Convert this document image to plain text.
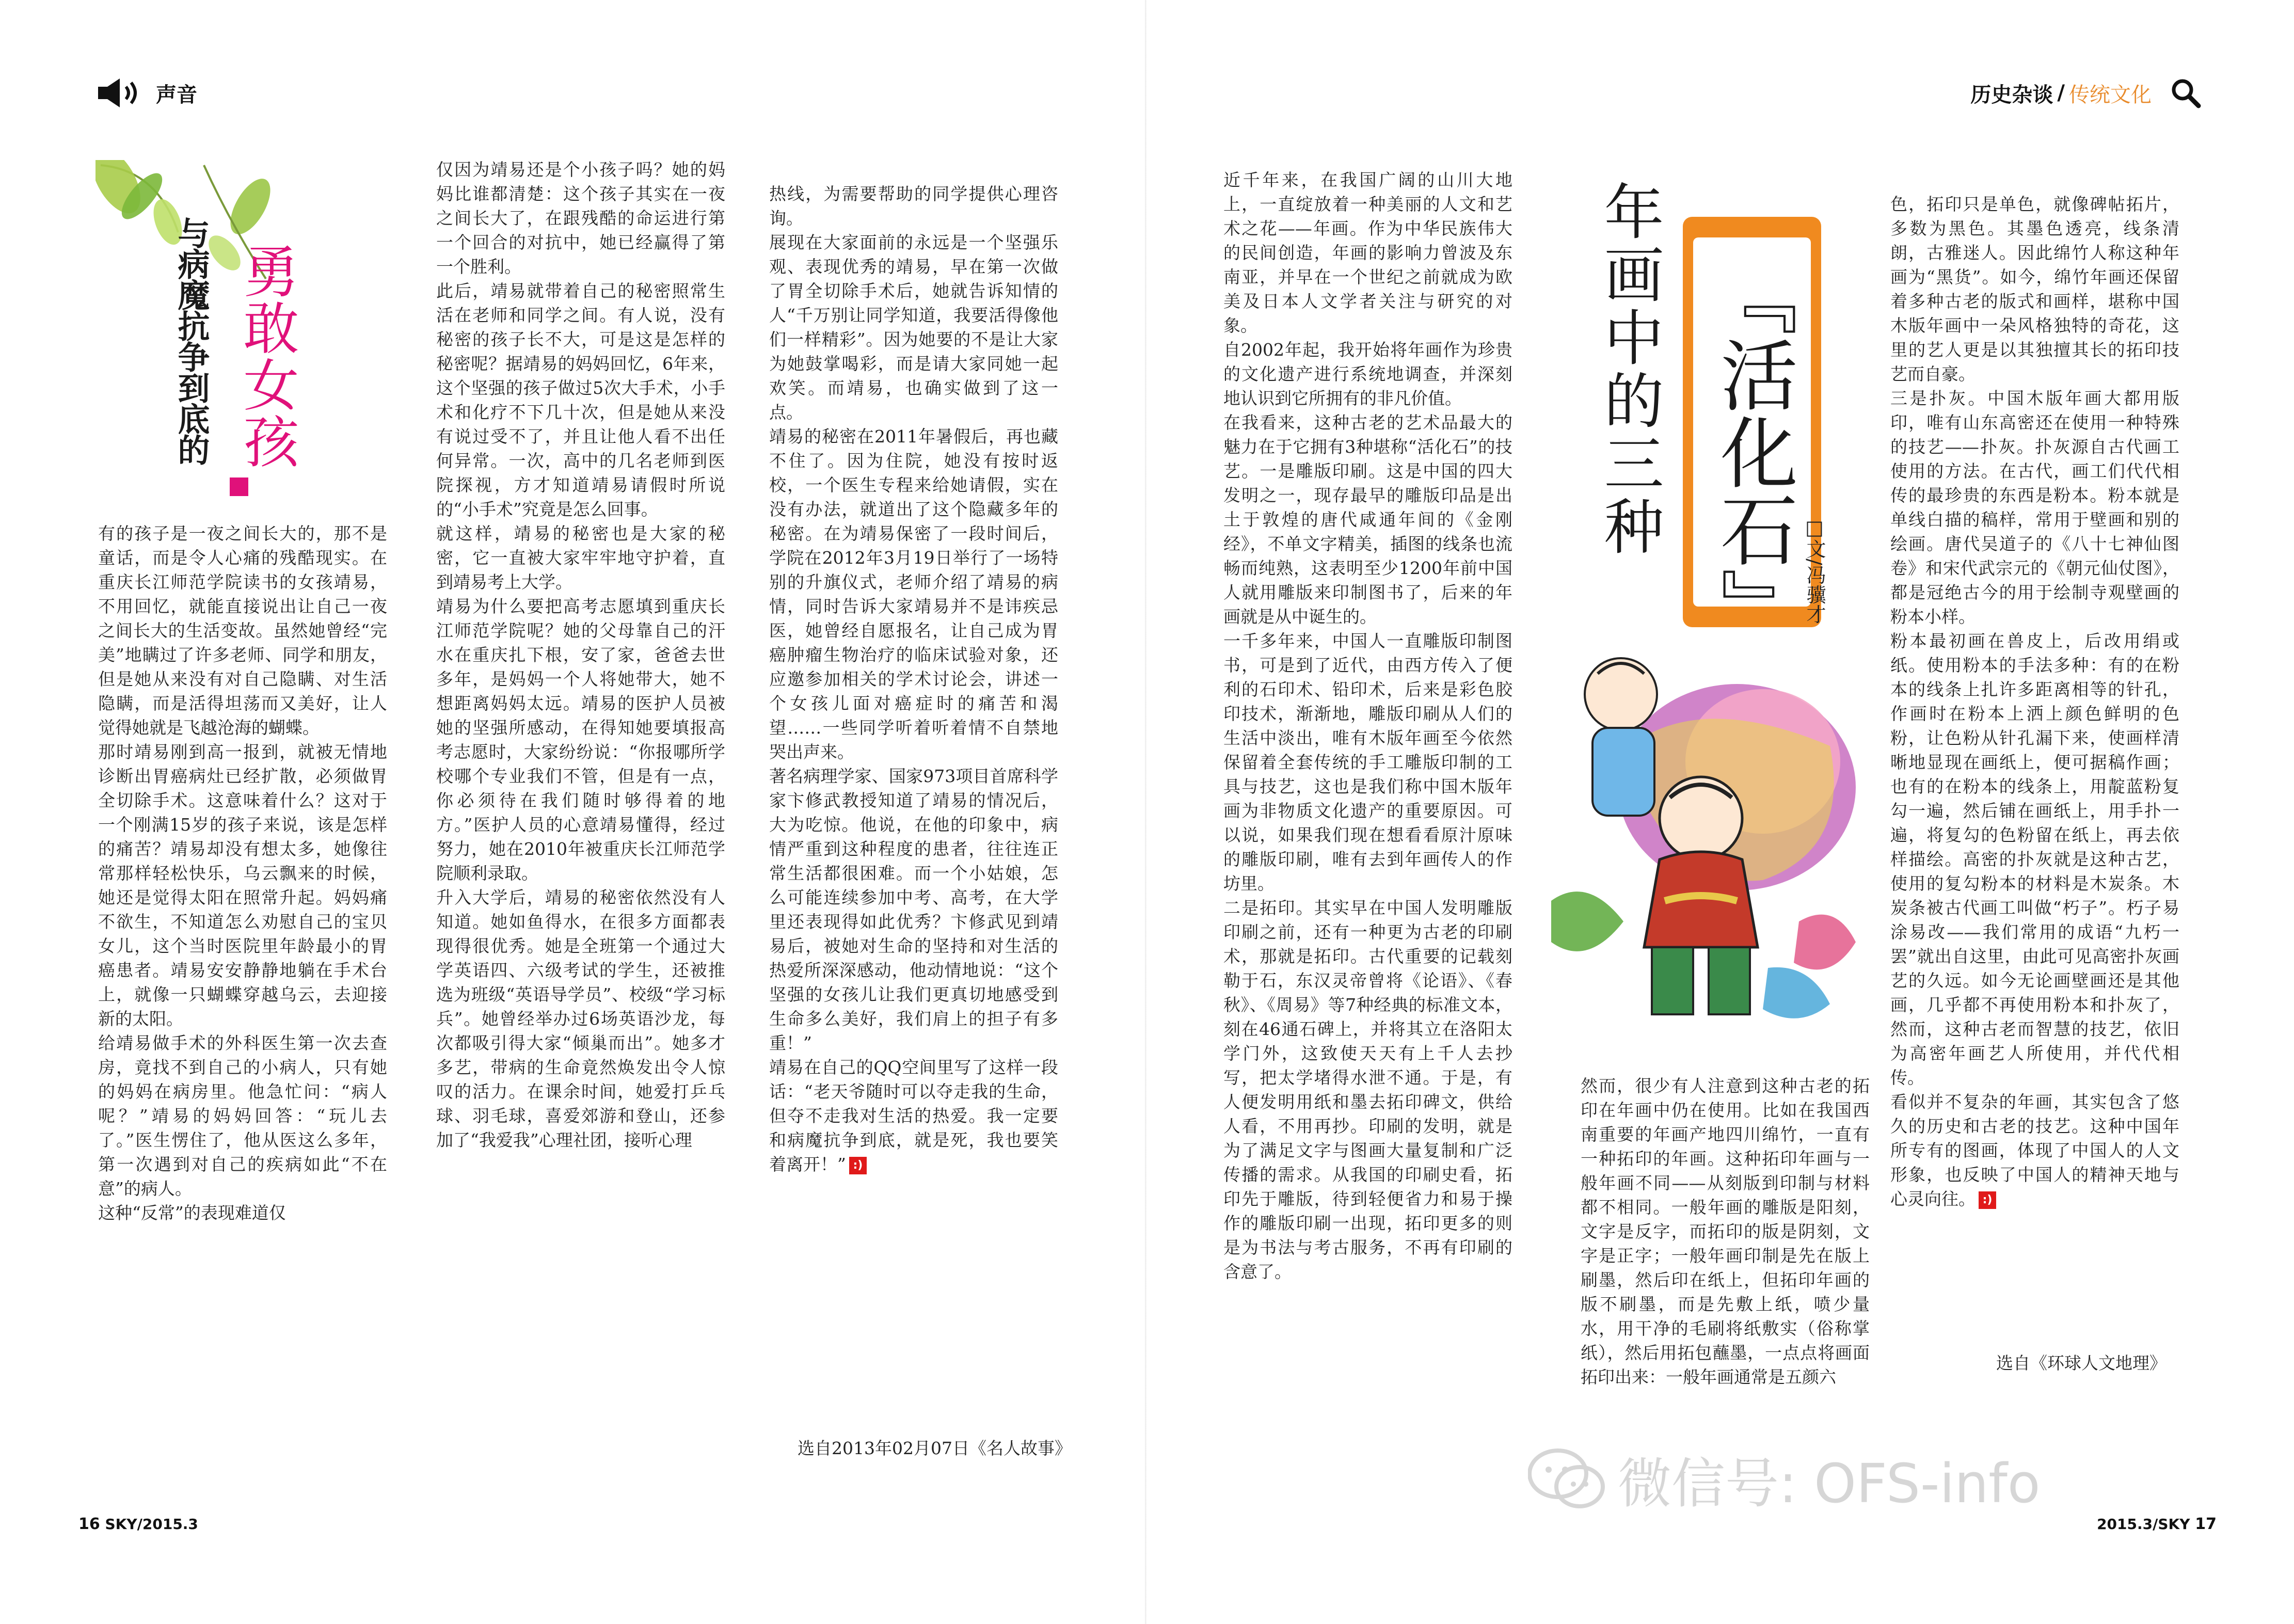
声音
与病魔抗争到底的 勇敢女孩
有的孩子是一夜之间长大的，那不是童话，而是令人心痛的残酷现实。在重庆长江师范学院读书的女孩靖易，不用回忆，就能直接说出让自己一夜之间长大的生活变故。虽然她曾经“完美”地瞒过了许多老师、同学和朋友，但是她从来没有对自己隐瞒、对生活隐瞒，而是活得坦荡而又美好，让人觉得她就是飞越沧海的蝴蝶。
那时靖易刚到高一报到，就被无情地诊断出胃癌病灶已经扩散，必须做胃全切除手术。这意味着什么？这对于一个刚满15岁的孩子来说，该是怎样的痛苦？靖易却没有想太多，她像往常那样轻松快乐，乌云飘来的时候，她还是觉得太阳在照常升起。妈妈痛不欲生，不知道怎么劝慰自己的宝贝女儿，这个当时医院里年龄最小的胃癌患者。靖易安安静静地躺在手术台上，就像一只蝴蝶穿越乌云，去迎接新的太阳。
给靖易做手术的外科医生第一次去查房，竟找不到自己的小病人，只有她的妈妈在病房里。他急忙问：“病人呢？”靖易的妈妈回答：“玩儿去了。”医生愣住了，他从医这么多年，第一次遇到对自己的疾病如此“不在意”的病人。
这种“反常”的表现难道仅
仅因为靖易还是个小孩子吗？她的妈妈比谁都清楚：这个孩子其实在一夜之间长大了，在跟残酷的命运进行第一个回合的对抗中，她已经赢得了第一个胜利。
此后，靖易就带着自己的秘密照常生活在老师和同学之间。有人说，没有秘密的孩子长不大，可是这是怎样的秘密呢？据靖易的妈妈回忆，6年来，这个坚强的孩子做过5次大手术，小手术和化疗不下几十次，但是她从来没有说过受不了，并且让他人看不出任何异常。一次，高中的几名老师到医院探视，方才知道靖易请假时所说的“小手术”究竟是怎么回事。
就这样，靖易的秘密也是大家的秘密，它一直被大家牢牢地守护着，直到靖易考上大学。
靖易为什么要把高考志愿填到重庆长江师范学院呢？她的父母靠自己的汗水在重庆扎下根，安了家，爸爸去世多年，是妈妈一个人将她带大，她不想距离妈妈太远。靖易的医护人员被她的坚强所感动，在得知她要填报高考志愿时，大家纷纷说：“你报哪所学校哪个专业我们不管，但是有一点，你必须待在我们随时够得着的地方。”医护人员的心意靖易懂得，经过努力，她在2010年被重庆长江师范学院顺利录取。
升入大学后，靖易的秘密依然没有人知道。她如鱼得水，在很多方面都表现得很优秀。她是全班第一个通过大学英语四、六级考试的学生，还被推选为班级“英语导学员”、校级“学习标兵”。她曾经举办过6场英语沙龙，每次都吸引得大家“倾巢而出”。她多才多艺，带病的生命竟然焕发出令人惊叹的活力。在课余时间，她爱打乒乓球、羽毛球，喜爱郊游和登山，还参加了“我爱我”心理社团，接听心理

热线，为需要帮助的同学提供心理咨询。
展现在大家面前的永远是一个坚强乐观、表现优秀的靖易，早在第一次做了胃全切除手术后，她就告诉知情的人“千万别让同学知道，我要活得像他们一样精彩”。因为她要的不是让大家为她鼓掌喝彩，而是请大家同她一起欢笑。而靖易，也确实做到了这一点。
靖易的秘密在2011年暑假后，再也藏不住了。因为住院，她没有按时返校，一个医生专程来给她请假，实在没有办法，就道出了这个隐藏多年的秘密。在为靖易保密了一段时间后，学院在2012年3月19日举行了一场特别的升旗仪式，老师介绍了靖易的病情，同时告诉大家靖易并不是讳疾忌医，她曾经自愿报名，让自己成为胃癌肿瘤生物治疗的临床试验对象，还应邀参加相关的学术讨论会，讲述一个女孩儿面对癌症时的痛苦和渴望……一些同学听着听着情不自禁地哭出声来。
著名病理学家、国家973项目首席科学家卞修武教授知道了靖易的情况后，大为吃惊。他说，在他的印象中，病情严重到这种程度的患者，往往连正常生活都很困难。而一个小姑娘，怎么可能连续参加中考、高考，在大学里还表现得如此优秀？卞修武见到靖易后，被她对生命的坚持和对生活的热爱所深深感动，他动情地说：“这个坚强的女孩儿让我们更真切地感受到生命多么美好，我们肩上的担子有多重！”
靖易在自己的QQ空间里写了这样一段话：“老天爷随时可以夺走我的生命，但夺不走我对生活的热爱。我一定要和病魔抗争到底，就是死，我也要笑着离开！” :)

选自2013年02月07日《名人故事》
16 SKY/2015.3
历史杂谈 / 传统文化
近千年来，在我国广阔的山川大地上，一直绽放着一种美丽的人文和艺术之花——年画。作为中华民族伟大的民间创造，年画的影响力曾波及东南亚，并早在一个世纪之前就成为欧美及日本人文学者关注与研究的对象。
自2002年起，我开始将年画作为珍贵的文化遗产进行系统地调查，并深刻地认识到它所拥有的非凡价值。
在我看来，这种古老的艺术品最大的魅力在于它拥有3种堪称“活化石”的技艺。一是雕版印刷。这是中国的四大发明之一，现存最早的雕版印品是出土于敦煌的唐代咸通年间的《金刚经》，不单文字精美，插图的线条也流畅而纯熟，这表明至少1200年前中国人就用雕版来印制图书了，后来的年画就是从中诞生的。
一千多年来，中国人一直雕版印制图书，可是到了近代，由西方传入了便利的石印术、铅印术，后来是彩色胶印技术，渐渐地，雕版印刷从人们的生活中淡出，唯有木版年画至今依然保留着全套传统的手工雕版印制的工具与技艺，这也是我们称中国木版年画为非物质文化遗产的重要原因。可以说，如果我们现在想看看原汁原味的雕版印刷，唯有去到年画传人的作坊里。
二是拓印。其实早在中国人发明雕版印刷之前，还有一种更为古老的印刷术，那就是拓印。古代重要的记载刻勒于石，东汉灵帝曾将《论语》、《春秋》、《周易》等7种经典的标准文本，刻在46通石碑上，并将其立在洛阳太学门外，这致使天天有上千人去抄写，把太学堵得水泄不通。于是，有人便发明用纸和墨去拓印碑文，供给人看，不用再抄。印刷的发明，就是为了满足文字与图画大量复制和广泛传播的需求。从我国的印刷史看，拓印先于雕版，待到轻便省力和易于操作的雕版印刷一出现，拓印更多的则是为书法与考古服务，不再有印刷的含意了。
然而，很少有人注意到这种古老的拓印在年画中仍在使用。比如在我国西南重要的年画产地四川绵竹，一直有一种拓印的年画。这种拓印年画与一般年画不同——从刻版到印制与材料都不相同。一般年画的雕版是阳刻，文字是反字，而拓印的版是阴刻，文字是正字；一般年画印制是先在版上刷墨，然后印在纸上，但拓印年画的版不刷墨，而是先敷上纸，喷少量水，用干净的毛刷将纸敷实（俗称掌纸），然后用拓包蘸墨，一点点将画面拓印出来：一般年画通常是五颜六

色，拓印只是单色，就像碑帖拓片，多数为黑色。其墨色透亮，线条清朗，古雅迷人。因此绵竹人称这种年画为“黑货”。如今，绵竹年画还保留着多种古老的版式和画样，堪称中国木版年画中一朵风格独特的奇花，这里的艺人更是以其独擅其长的拓印技艺而自豪。
三是扑灰。中国木版年画大都用版印，唯有山东高密还在使用一种特殊的技艺——扑灰。扑灰源自古代画工使用的方法。在古代，画工们代代相传的最珍贵的东西是粉本。粉本就是单线白描的稿样，常用于壁画和别的绘画。唐代吴道子的《八十七神仙图卷》和宋代武宗元的《朝元仙仗图》，都是冠绝古今的用于绘制寺观壁画的粉本小样。
粉本最初画在兽皮上，后改用绢或纸。使用粉本的手法多种：有的在粉本的线条上扎许多距离相等的针孔，作画时在粉本上洒上颜色鲜明的色粉，让色粉从针孔漏下来，使画样清晰地显现在画纸上，便可据稿作画；也有的在粉本的线条上，用靛蓝粉复勾一遍，然后铺在画纸上，用手扑一遍，将复勾的色粉留在纸上，再去依样描绘。高密的扑灰就是这种古艺，使用的复勾粉本的材料是木炭条。木炭条被古代画工叫做“朽子”。朽子易涂易改——我们常用的成语“九朽一罢”就出自这里，由此可见高密扑灰画艺的久远。如今无论画壁画还是其他画，几乎都不再使用粉本和扑灰了，然而，这种古老而智慧的技艺，依旧为高密年画艺人所使用，并代代相传。
看似并不复杂的年画，其实包含了悠久的历史和古老的技艺。这种中国年所专有的图画，体现了中国人的人文形象，也反映了中国人的精神天地与心灵向往。 :)

选自《环球人文地理》
2015.3/SKY 17
年画中的三种 『活化石』 □文/冯骥才
微信号: OFS-info
